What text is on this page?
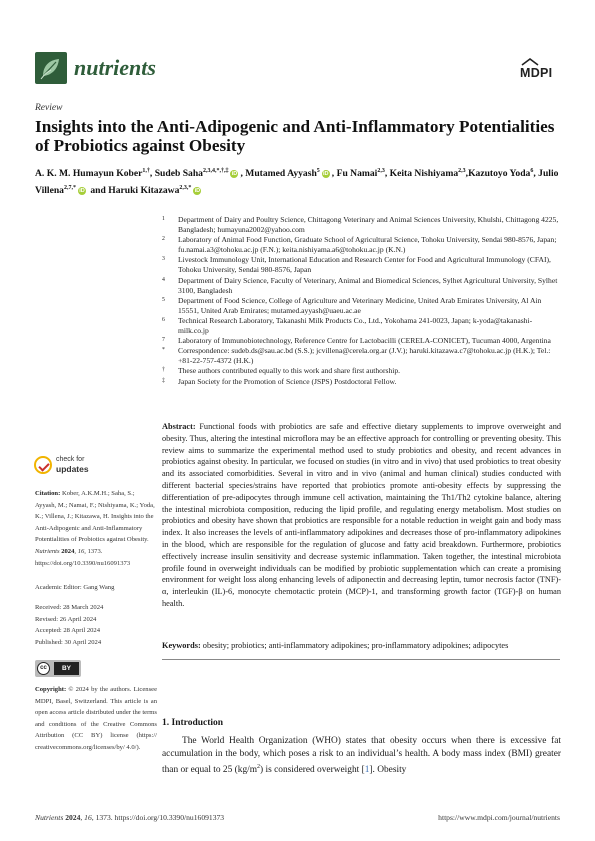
nutrients	MDPI
Review
Insights into the Anti-Adipogenic and Anti-Inflammatory Potentialities of Probiotics against Obesity
A. K. M. Humayun Kober$^{1,\dagger}$, Sudeb Saha$^{2,3,4,*,\dagger,\ddagger}$iD , Mutamed Ayyash$^5$iD , Fu Namai$^{2,3}$, Keita Nishiyama$^{2,3}$,Kazutoyo Yoda$^6$, Julio Villena$^{2,7,*}$iD and Haruki Kitazawa$^{2,3,*}$iD
1 Department of Dairy and Poultry Science, Chittagong Veterinary and Animal Sciences University, Khulshi, Chittagong 4225, Bangladesh; humayuna2002@yahoo.com
2 Laboratory of Animal Food Function, Graduate School of Agricultural Science, Tohoku University, Sendai 980-8576, Japan; fu.namai.a3@tohoku.ac.jp (F.N.); keita.nishiyama.a6@tohoku.ac.jp (K.N.)
3 Livestock Immunology Unit, International Education and Research Center for Food and Agricultural Immunology (CFAI), Tohoku University, Sendai 980-8576, Japan
4 Department of Dairy Science, Faculty of Veterinary, Animal and Biomedical Sciences, Sylhet Agricultural University, Sylhet 3100, Bangladesh
5 Department of Food Science, College of Agriculture and Veterinary Medicine, United Arab Emirates University, Al Ain 15551, United Arab Emirates; mutamed.ayyash@uaeu.ac.ae
6 Technical Research Laboratory, Takanashi Milk Products Co., Ltd., Yokohama 241-0023, Japan; k-yoda@takanashi-milk.co.jp
7 Laboratory of Immunobiotechnology, Reference Centre for Lactobacilli (CERELA-CONICET), Tucuman 4000, Argentina
* Correspondence: sudeb.ds@sau.ac.bd (S.S.); jcvillena@cerela.org.ar (J.V.); haruki.kitazawa.c7@tohoku.ac.jp (H.K.); Tel.: +81-22-757-4372 (H.K.)
† These authors contributed equally to this work and share first authorship.
‡ Japan Society for the Promotion of Science (JSPS) Postdoctoral Fellow.
check for
updates
Citation: Kober, A.K.M.H.; Saha, S.; Ayyash, M.; Namai, F.; Nishiyama, K.; Yoda, K.; Villena, J.; Kitazawa, H. Insights into the Anti-Adipogenic and Anti-Inflammatory Potentialities of Probiotics against Obesity. Nutrients 2024, 16, 1373. https://doi.org/10.3390/nu16091373
Academic Editor: Gang Wang
Received: 28 March 2024
Revised: 26 April 2024
Accepted: 28 April 2024
Published: 30 April 2024
cc	BY
Copyright: © 2024 by the authors. Licensee MDPI, Basel, Switzerland. This article is an open access article distributed under the terms and conditions of the Creative Commons Attribution (CC BY) license (https:// creativecommons.org/licenses/by/ 4.0/).
Abstract: Functional foods with probiotics are safe and effective dietary supplements to improve overweight and obesity. Thus, altering the intestinal microflora may be an effective approach for controlling or preventing obesity. This review aims to summarize the experimental method used to study probiotics and obesity, and recent advances in probiotics against obesity. In particular, we focused on studies (in vitro and in vivo) that used probiotics to treat obesity and its associated comorbidities. Several in vitro and in vivo (animal and human clinical) studies conducted with different bacterial species/strains have reported that probiotics promote anti-obesity effects by suppressing the differentiation of pre-adipocytes through immune cell activation, maintaining the Th1/Th2 cytokine balance, altering the intestinal microbiota composition, reducing the lipid profile, and regulating energy metabolism. Most studies on probiotics and obesity have shown that probiotics are responsible for a notable reduction in weight gain and body mass index. It also increases the levels of anti-inflammatory adipokines and decreases those of pro-inflammatory adipokines in the blood, which are responsible for the regulation of glucose and fatty acid breakdown. Furthermore, probiotics effectively increase insulin sensitivity and decrease systemic inflammation. Taken together, the intestinal microbiota profile found in overweight individuals can be modified by probiotic supplementation which can create a promising environment for weight loss along enhancing levels of adiponectin and decreasing leptin, tumor necrosis factor (TNF)-α, interleukin (IL)-6, monocyte chemotactic protein (MCP)-1, and transforming growth factor (TGF)-β on human health.
Keywords: obesity; probiotics; anti-inflammatory adipokines; pro-inflammatory adipokines; adipocytes
1. Introduction
The World Health Organization (WHO) states that obesity occurs when there is excessive fat accumulation in the body, which poses a risk to an individual’s health. A body mass index (BMI) greater than or equal to 25 $(kg/m^2)$ is considered overweight [1]. Obesity
Nutrients 2024, 16, 1373. https://doi.org/10.3390/nu16091373	https://www.mdpi.com/journal/nutrients
